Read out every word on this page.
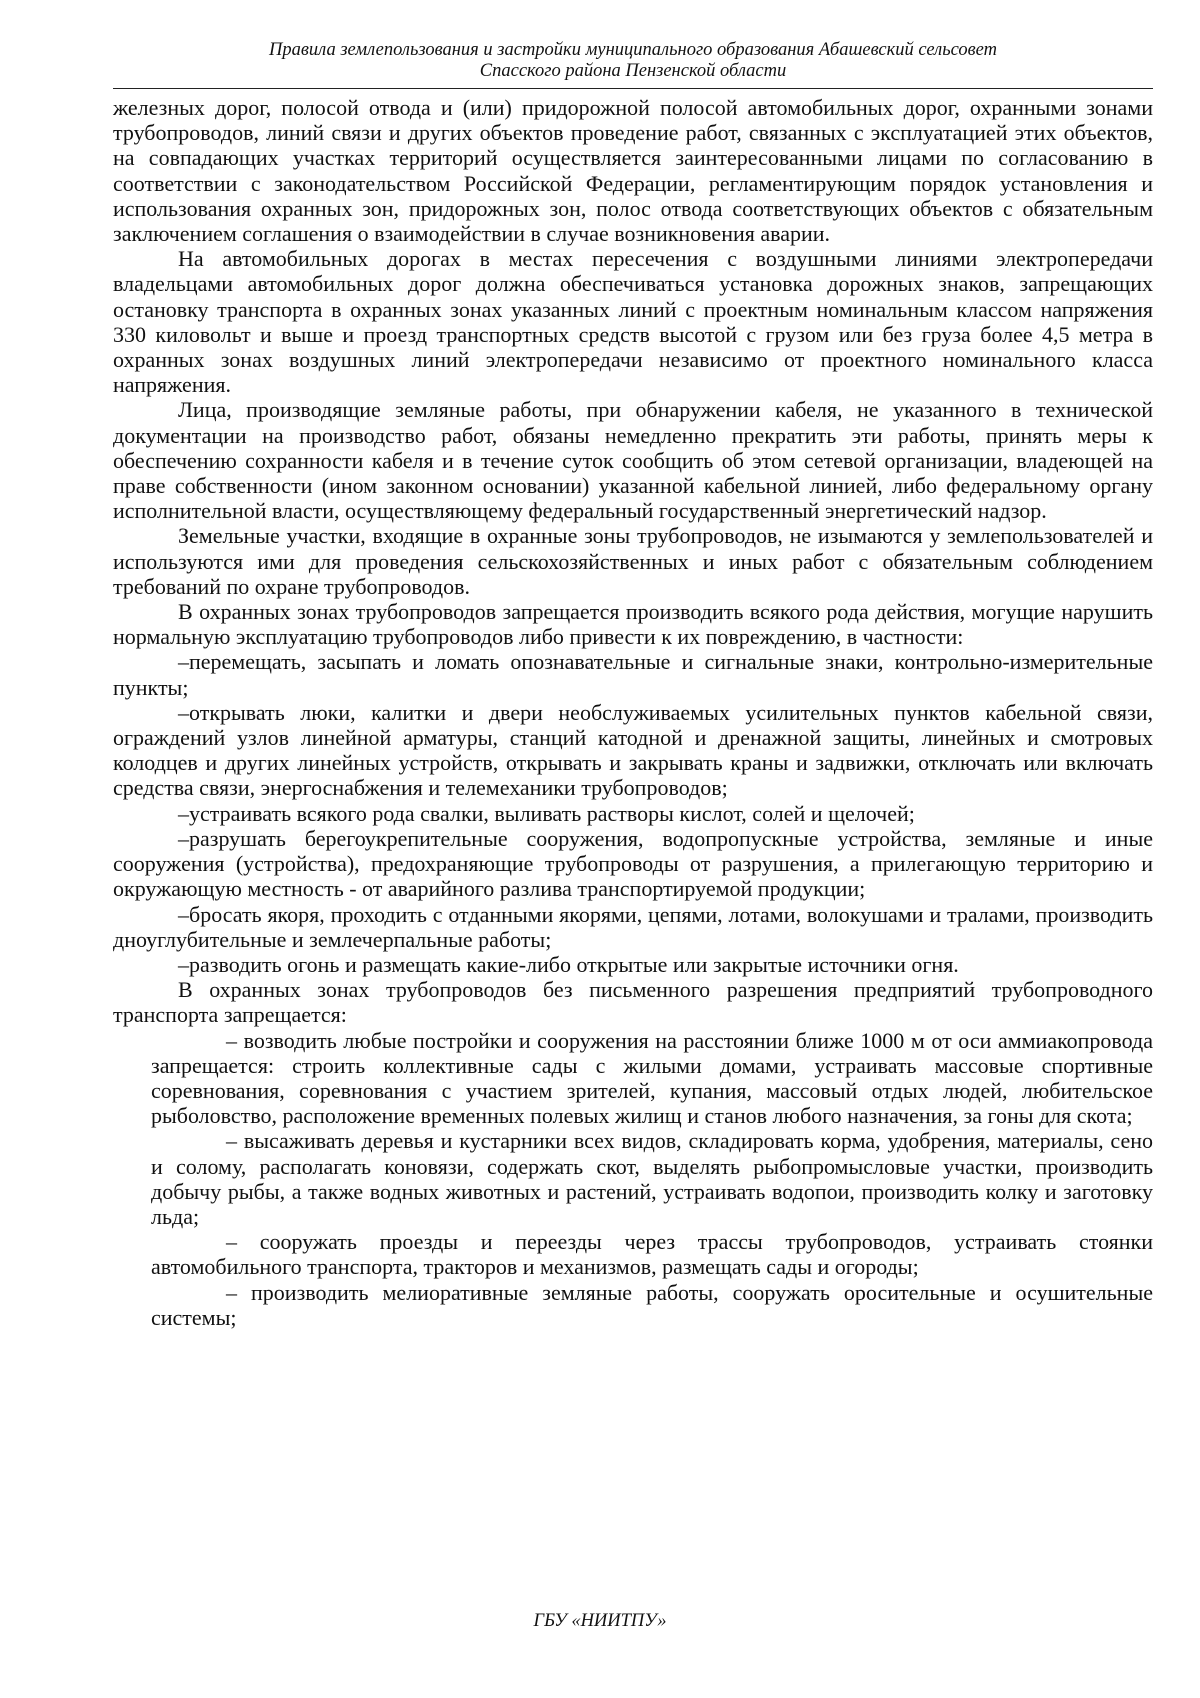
Правила землепользования и застройки муниципального образования Абашевский сельсовет
Спасского района Пензенской области

железных дорог, полосой отвода и (или) придорожной полосой автомобильных дорог, охранными зонами трубопроводов, линий связи и других объектов проведение работ, связанных с эксплуатацией этих объектов, на совпадающих участках территорий осуществляется заинтересованными лицами по согласованию в соответствии с законодательством Российской Федерации, регламентирующим порядок установления и использования охранных зон, придорожных зон, полос отвода соответствующих объектов с обязательным заключением соглашения о взаимодействии в случае возникновения аварии.

На автомобильных дорогах в местах пересечения с воздушными линиями электропередачи владельцами автомобильных дорог должна обеспечиваться установка дорожных знаков, запрещающих остановку транспорта в охранных зонах указанных линий с проектным номинальным классом напряжения 330 киловольт и выше и проезд транспортных средств высотой с грузом или без груза более 4,5 метра в охранных зонах воздушных линий электропередачи независимо от проектного номинального класса напряжения.

Лица, производящие земляные работы, при обнаружении кабеля, не указанного в технической документации на производство работ, обязаны немедленно прекратить эти работы, принять меры к обеспечению сохранности кабеля и в течение суток сообщить об этом сетевой организации, владеющей на праве собственности (ином законном основании) указанной кабельной линией, либо федеральному органу исполнительной власти, осуществляющему федеральный государственный энергетический надзор.

Земельные участки, входящие в охранные зоны трубопроводов, не изымаются у землепользователей и используются ими для проведения сельскохозяйственных и иных работ с обязательным соблюдением требований по охране трубопроводов.

В охранных зонах трубопроводов запрещается производить всякого рода действия, могущие нарушить нормальную эксплуатацию трубопроводов либо привести к их повреждению, в частности:

–перемещать, засыпать и ломать опознавательные и сигнальные знаки, контрольно-измерительные пункты;

–открывать люки, калитки и двери необслуживаемых усилительных пунктов кабельной связи, ограждений узлов линейной арматуры, станций катодной и дренажной защиты, линейных и смотровых колодцев и других линейных устройств, открывать и закрывать краны и задвижки, отключать или включать средства связи, энергоснабжения и телемеханики трубопроводов;

–устраивать всякого рода свалки, выливать растворы кислот, солей и щелочей;

–разрушать берегоукрепительные сооружения, водопропускные устройства, земляные и иные сооружения (устройства), предохраняющие трубопроводы от разрушения, а прилегающую территорию и окружающую местность - от аварийного разлива транспортируемой продукции;

–бросать якоря, проходить с отданными якорями, цепями, лотами, волокушами и тралами, производить дноуглубительные и землечерпальные работы;

–разводить огонь и размещать какие-либо открытые или закрытые источники огня.

В охранных зонах трубопроводов без письменного разрешения предприятий трубопроводного транспорта запрещается:

– возводить любые постройки и сооружения на расстоянии ближе 1000 м от оси аммиакопровода запрещается: строить коллективные сады с жилыми домами, устраивать массовые спортивные соревнования, соревнования с участием зрителей, купания, массовый отдых людей, любительское рыболовство, расположение временных полевых жилищ и станов любого назначения, за гоны для скота;

– высаживать деревья и кустарники всех видов, складировать корма, удобрения, материалы, сено и солому, располагать коновязи, содержать скот, выделять рыбопромысловые участки, производить добычу рыбы, а также водных животных и растений, устраивать водопои, производить колку и заготовку льда;

– сооружать проезды и переезды через трассы трубопроводов, устраивать стоянки автомобильного транспорта, тракторов и механизмов, размещать сады и огороды;

– производить мелиоративные земляные работы, сооружать оросительные и осушительные системы;

ГБУ «НИИТПУ»
